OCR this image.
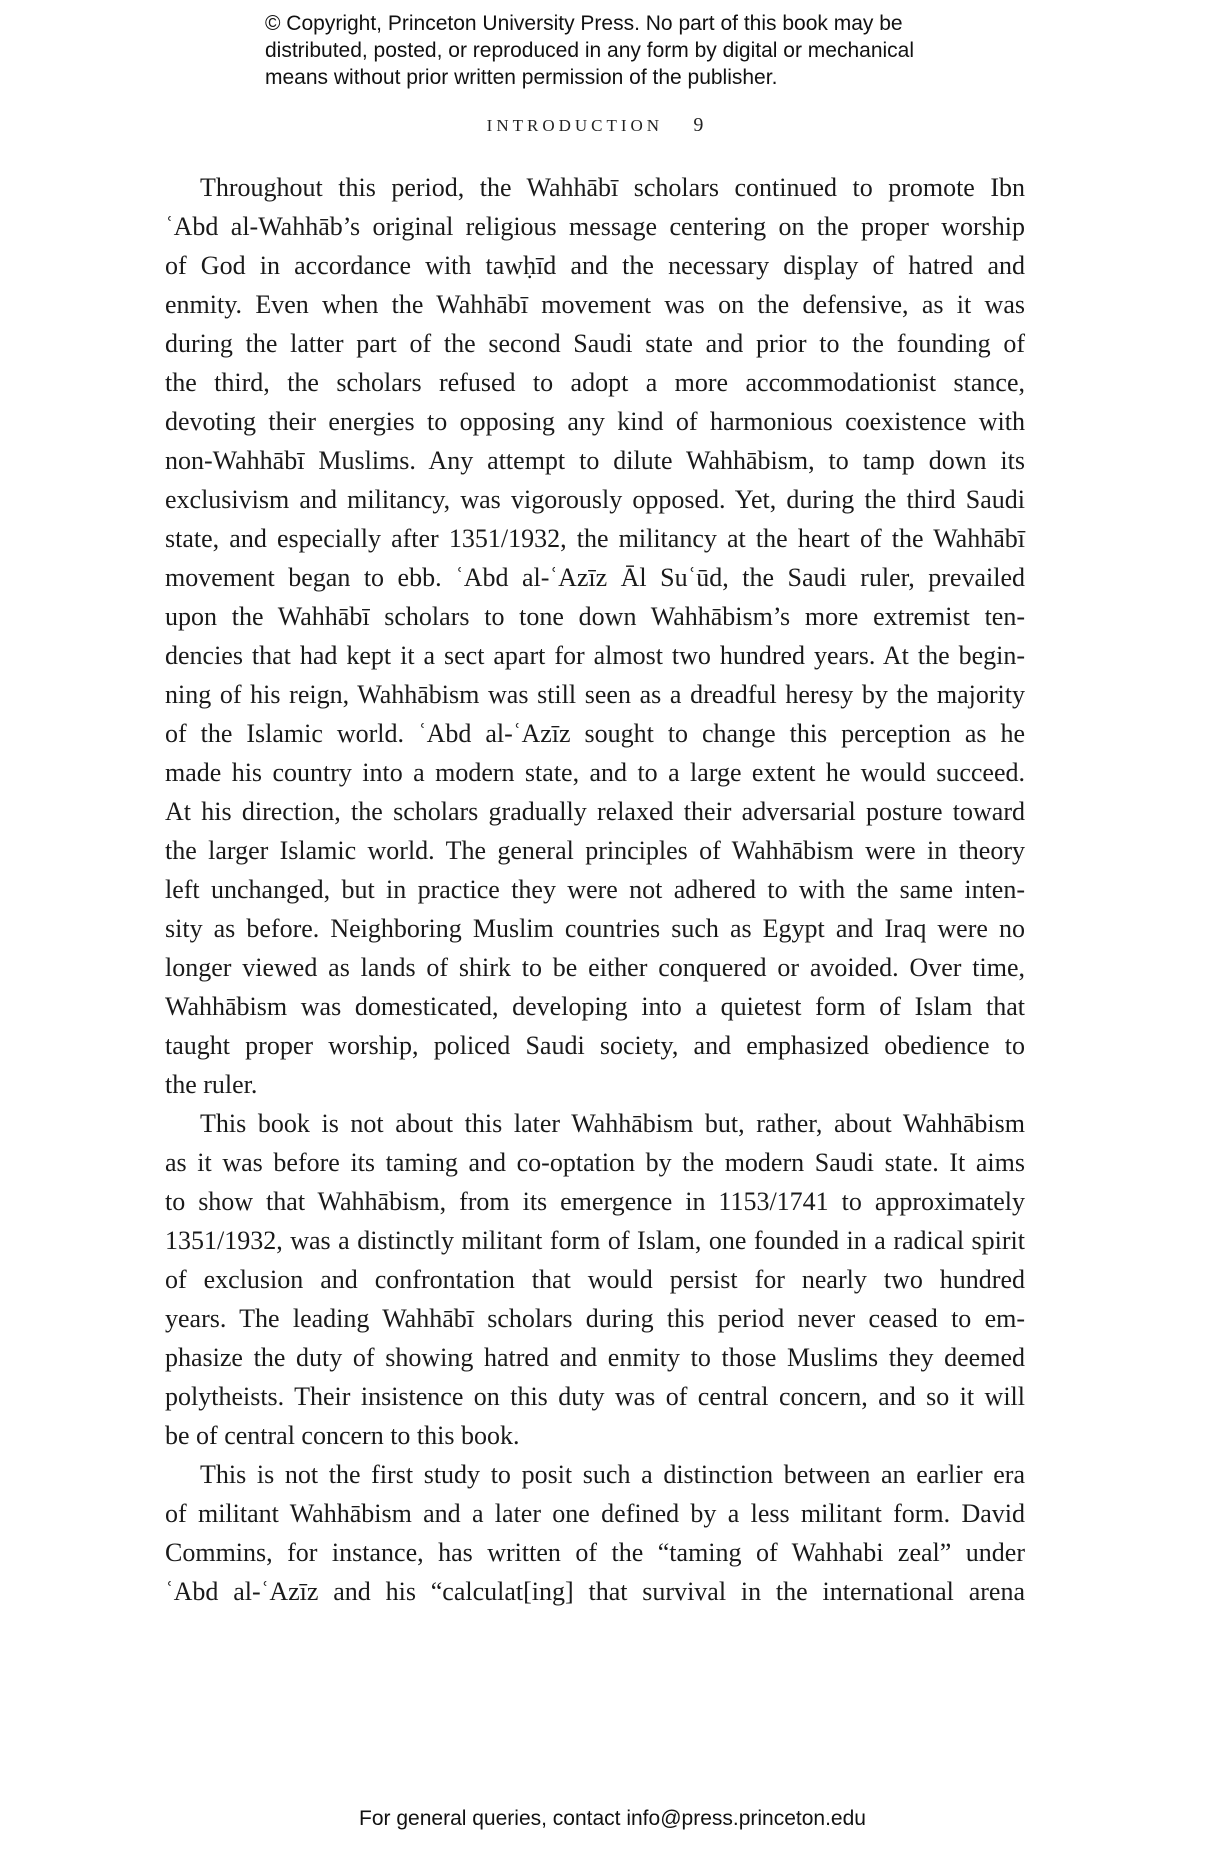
© Copyright, Princeton University Press. No part of this book may be
distributed, posted, or reproduced in any form by digital or mechanical
means without prior written permission of the publisher.
INTRODUCTION 9
Throughout this period, the Wahhābī scholars continued to promote Ibn
ʿAbd al-Wahhāb’s original religious message centering on the proper worship
of God in accordance with tawḥīd and the necessary display of hatred and
enmity. Even when the Wahhābī movement was on the defensive, as it was
during the latter part of the second Saudi state and prior to the founding of
the third, the scholars refused to adopt a more accommodationist stance,
devoting their energies to opposing any kind of harmonious coexistence with
non-Wahhābī Muslims. Any attempt to dilute Wahhābism, to tamp down its
exclusivism and militancy, was vigorously opposed. Yet, during the third Saudi
state, and especially after 1351/1932, the militancy at the heart of the Wahhābī
movement began to ebb. ʿAbd al-ʿAzīz Āl Suʿūd, the Saudi ruler, prevailed
upon the Wahhābī scholars to tone down Wahhābism’s more extremist ten-
dencies that had kept it a sect apart for almost two hundred years. At the begin-
ning of his reign, Wahhābism was still seen as a dreadful heresy by the majority
of the Islamic world. ʿAbd al-ʿAzīz sought to change this perception as he
made his country into a modern state, and to a large extent he would succeed.
At his direction, the scholars gradually relaxed their adversarial posture toward
the larger Islamic world. The general principles of Wahhābism were in theory
left unchanged, but in practice they were not adhered to with the same inten-
sity as before. Neighboring Muslim countries such as Egypt and Iraq were no
longer viewed as lands of shirk to be either conquered or avoided. Over time,
Wahhābism was domesticated, developing into a quietest form of Islam that
taught proper worship, policed Saudi society, and emphasized obedience to
the ruler.
This book is not about this later Wahhābism but, rather, about Wahhābism
as it was before its taming and co-optation by the modern Saudi state. It aims
to show that Wahhābism, from its emergence in 1153/1741 to approximately
1351/1932, was a distinctly militant form of Islam, one founded in a radical spirit
of exclusion and confrontation that would persist for nearly two hundred
years. The leading Wahhābī scholars during this period never ceased to em-
phasize the duty of showing hatred and enmity to those Muslims they deemed
polytheists. Their insistence on this duty was of central concern, and so it will
be of central concern to this book.
This is not the first study to posit such a distinction between an earlier era
of militant Wahhābism and a later one defined by a less militant form. David
Commins, for instance, has written of the “taming of Wahhabi zeal” under
ʿAbd al-ʿAzīz and his “calculat[ing] that survival in the international arena
For general queries, contact info@press.princeton.edu
